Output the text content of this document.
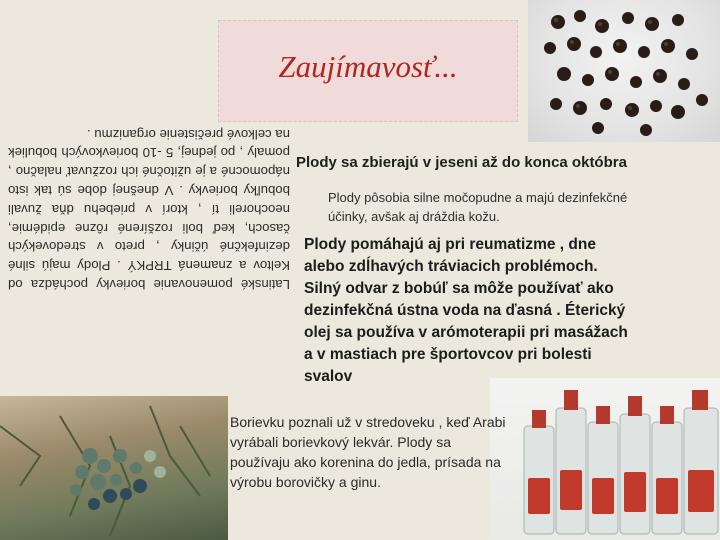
Zaujímavosť...
Latinské pomenovanie borievky pochádza od Keltov a znamená TRPKÝ . Plody majú silné dezinfekčné účinky , preto v stredovekých časoch, keď boli rozšírené rôzne epidémie, neochoreli tí , ktorí v priebehu dňa žuvali bobuľky borievky . V dnešnej dobe sú tak isto nápomocné a je užitočné ich rozžuvať nalačno , pomaly , po jednej, 5 -10 borievkových bobuliek na celkové prečistenie organizmu .
Plody sa zbierajú v jeseni až do konca októbra
Plody pôsobia silne močopudne a majú dezinfekčné účinky, avšak aj dráždia kožu.
Plody pomáhajú aj pri reumatizme , dne alebo zdĺhavých tráviacich problémoch. Silný odvar z bobúľ sa môže používať ako dezinfekčná ústna voda na ďasná . Éterický olej sa používa v arómoterapii pri masážach a v mastiach pre športovcov pri bolesti svalov
Borievku poznali už v stredoveku , keď Arabi vyrábali borievkový lekvár. Plody sa používaju ako korenina do jedla, prísada na výrobu borovičky a ginu.
